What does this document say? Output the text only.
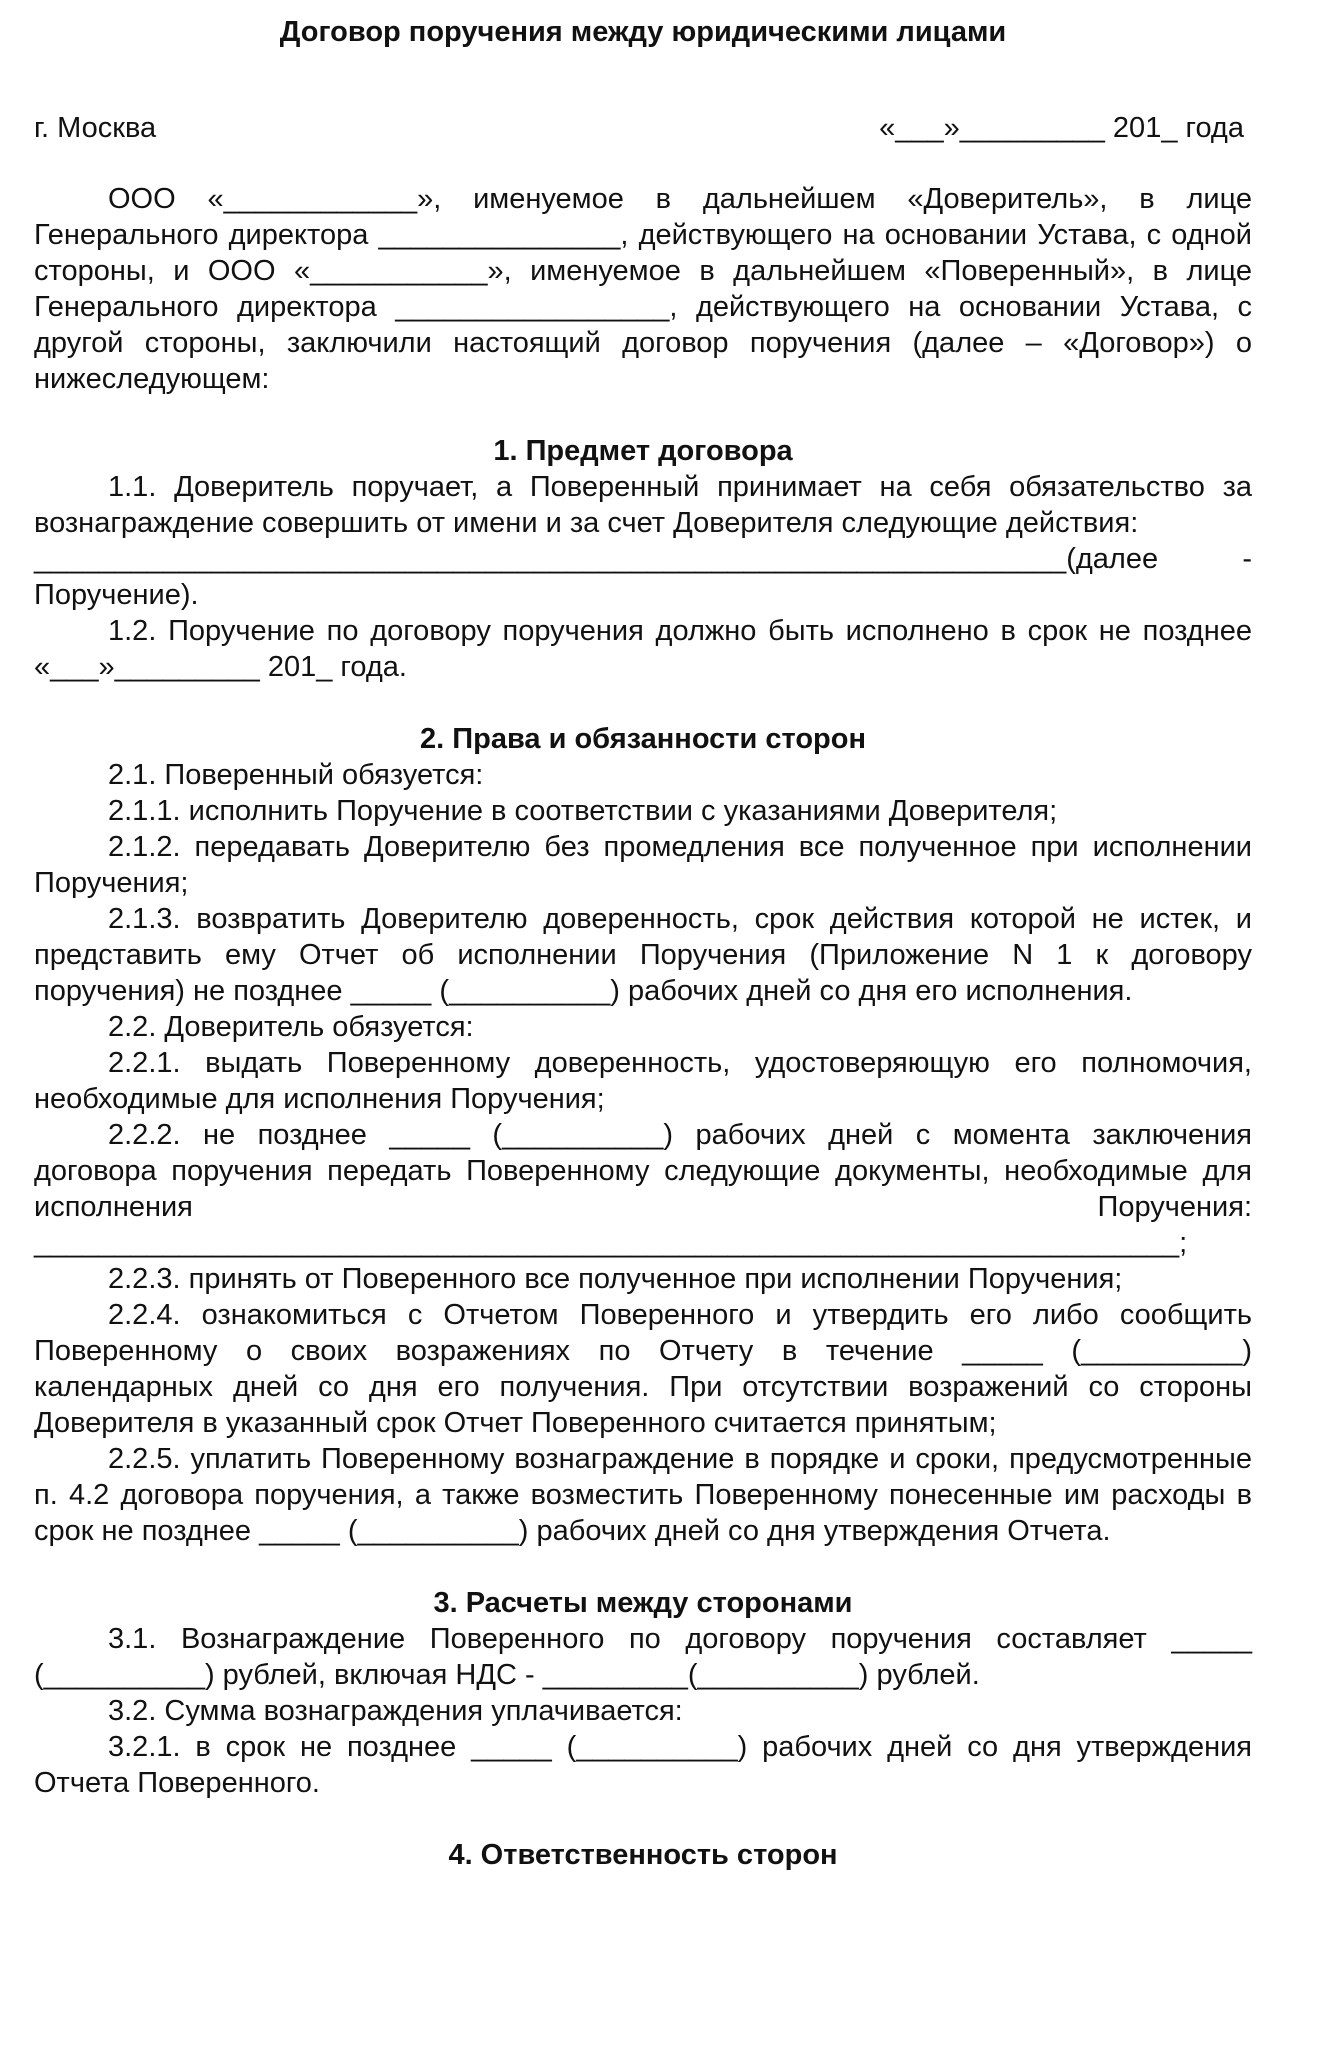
Договор поручения между юридическими лицами
г. Москва	«___»_________ 201_ года

ООО «____________», именуемое в дальнейшем «Доверитель», в лице Генерального директора _______________, действующего на основании Устава, с одной стороны, и ООО «___________», именуемое в дальнейшем «Поверенный», в лице Генерального директора _________________, действующего на основании Устава, с другой стороны, заключили настоящий договор поручения (далее – «Договор») о нижеследующем:

1. Предмет договора

1.1. Доверитель поручает, а Поверенный принимает на себя обязательство за вознаграждение совершить от имени и за счет Доверителя следующие действия:

________________________________________________________________(далее - Поручение).

1.2. Поручение по договору поручения должно быть исполнено в срок не позднее «___»_________ 201_ года.

2. Права и обязанности сторон

2.1. Поверенный обязуется:

2.1.1. исполнить Поручение в соответствии с указаниями Доверителя;

2.1.2. передавать Доверителю без промедления все полученное при исполнении Поручения;

2.1.3. возвратить Доверителю доверенность, срок действия которой не истек, и представить ему Отчет об исполнении Поручения (Приложение N 1 к договору поручения) не позднее _____ (__________) рабочих дней со дня его исполнения.

2.2. Доверитель обязуется:

2.2.1. выдать Поверенному доверенность, удостоверяющую его полномочия, необходимые для исполнения Поручения;

2.2.2. не позднее _____ (__________) рабочих дней с момента заключения договора поручения передать Поверенному следующие документы, необходимые для исполнения Поручения:

_______________________________________________________________________;

2.2.3. принять от Поверенного все полученное при исполнении Поручения;

2.2.4. ознакомиться с Отчетом Поверенного и утвердить его либо сообщить Поверенному о своих возражениях по Отчету в течение _____ (__________) календарных дней со дня его получения. При отсутствии возражений со стороны Доверителя в указанный срок Отчет Поверенного считается принятым;

2.2.5. уплатить Поверенному вознаграждение в порядке и сроки, предусмотренные п. 4.2 договора поручения, а также возместить Поверенному понесенные им расходы в срок не позднее _____ (__________) рабочих дней со дня утверждения Отчета.

3. Расчеты между сторонами

3.1. Вознаграждение Поверенного по договору поручения составляет _____ (__________) рублей, включая НДС - _________(__________) рублей.

3.2. Сумма вознаграждения уплачивается:

3.2.1. в срок не позднее _____ (__________) рабочих дней со дня утверждения Отчета Поверенного.

4. Ответственность сторон
